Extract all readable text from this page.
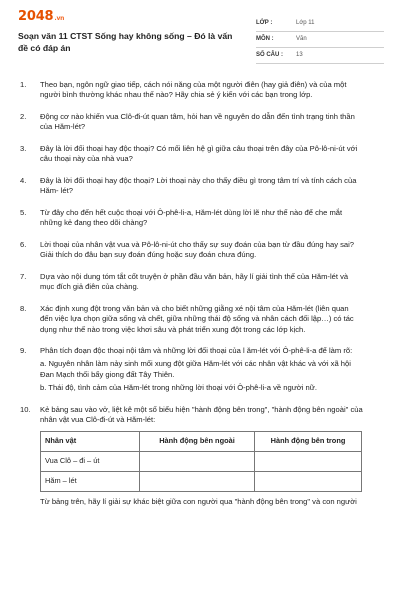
2048.vn
Soạn văn 11 CTST Sống hay không sống – Đó là vấn đề có đáp án
LỚP :	Lớp 11
MÔN :	Văn
SỐ CÂU : 13
1.	Theo bạn, ngôn ngữ giao tiếp, cách nói năng của một người điên (hay giả điên) và của một
người bình thường khác nhau thế nào? Hãy chia sẻ ý kiến với các bạn trong lớp.
2.	Động cơ nào khiến vua Clô-đi-út quan tâm, hỏi han về nguyên do dẫn đến tình trạng tinh thần
của Hăm-lét?
3.	Đây là lời đối thoại hay độc thoại? Có mối liên hệ gì giữa câu thoại trên đây của Pô-lô-ni-út với
câu thoại này của nhà vua?
4.	Đây là lời đối thoại hay độc thoại? Lời thoại này cho thấy điều gì trong tâm trí và tính cách của
Hăm- lét?
5.	Từ đây cho đến hết cuộc thoại với Ô-phê-li-a, Hăm-lét dùng lời lẽ như thế nào để che mắt
những kẻ đang theo dõi chàng?
6.	Lời thoại của nhân vật vua và Pô-lô-ni-út cho thấy sự suy đoán của bạn từ đầu đúng hay sai?
Giải thích do đâu bạn suy đoán đúng hoặc suy đoán chưa đúng.
7.	Dựa vào nội dung tóm tắt cốt truyện ở phần đầu văn bản, hãy lí giải tình thế của Hăm-lét và
mục đích giả điên của chàng.
8.	Xác định xung đột trong văn bản và cho biết những giằng xé nội tâm của Hăm-lét (liên quan
đến việc lựa chọn giữa sống và chết, giữa những thái độ sống và nhân cách đối lập…) có tác
dụng như thế nào trong việc khơi sâu và phát triển xung đột trong các lớp kịch.
9.	Phân tích đoạn độc thoại nội tâm và những lời đối thoại của l ăm-lét với Ô-phê-li-a để làm rõ:
a. Nguyên nhân làm nảy sinh mối xung đột giữa Hăm-lét với các nhân vật khác và với xã hội
Đan Mạch thối bẩy giong đất Tây Thiên.
b. Thái độ, tình cảm của Hăm-lét trong những lời thoại với Ô-phê-li-a về người nữ.
10.	Kẻ bảng sau vào vở, liệt kê một số biểu hiện "hành động bên trong", "hành động bên ngoài" của
nhân vật vua Clô-đi-út và Hăm-lét:
Nhân vật	Hành động bên ngoài	Hành động bên trong
Vua Clô – đi – út		
Hăm – lét		
Từ bảng trên, hãy lí giải sự khác biệt giữa con người qua "hành động bên trong" và con người
